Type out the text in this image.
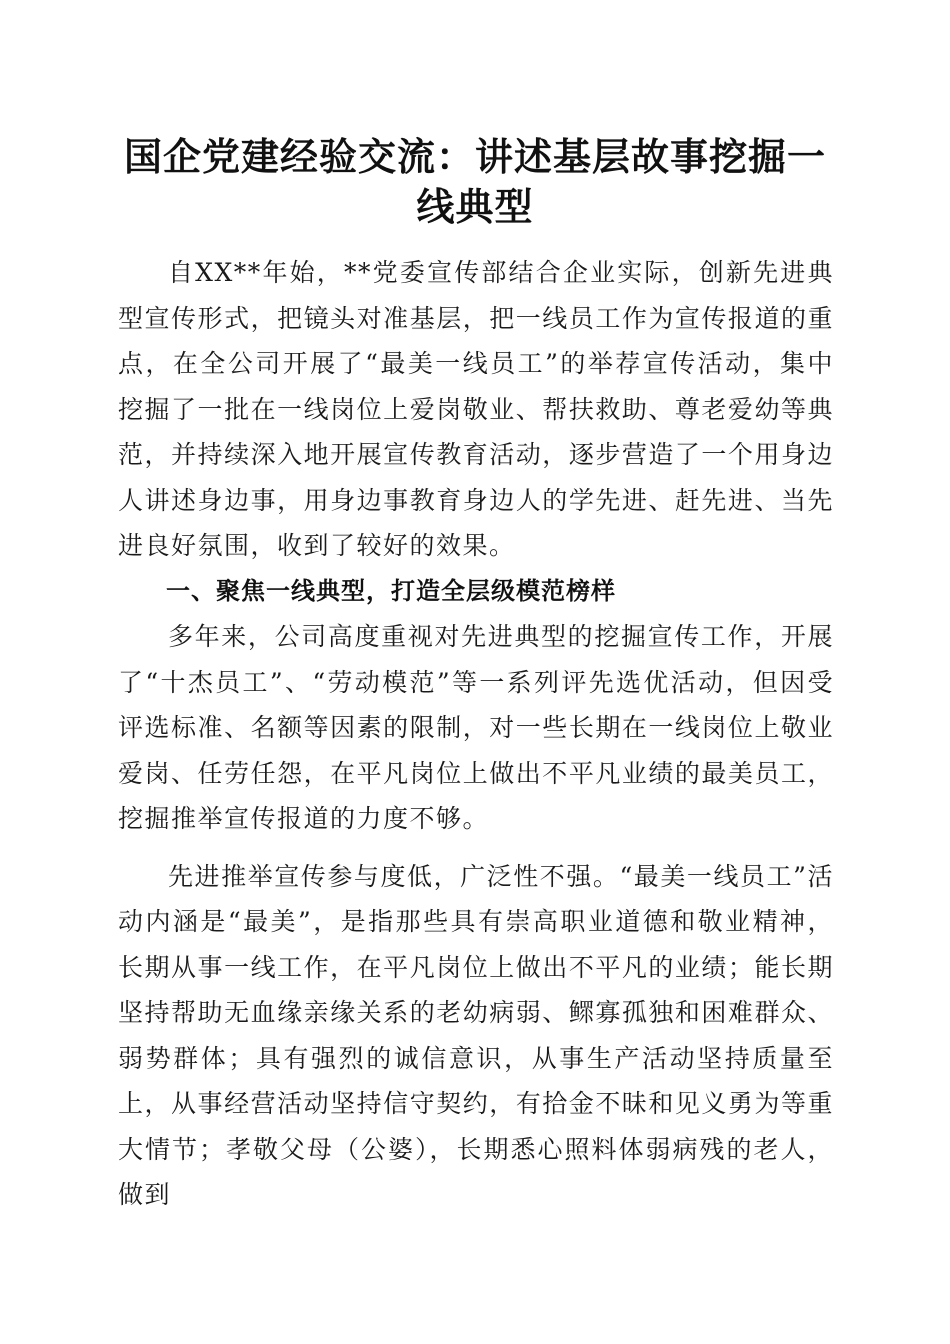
国企党建经验交流：讲述基层故事挖掘一线典型

自XX**年始，**党委宣传部结合企业实际，创新先进典型宣传形式，把镜头对准基层，把一线员工作为宣传报道的重点，在全公司开展了“最美一线员工”的举荐宣传活动，集中挖掘了一批在一线岗位上爱岗敬业、帮扶救助、尊老爱幼等典范，并持续深入地开展宣传教育活动，逐步营造了一个用身边人讲述身边事，用身边事教育身边人的学先进、赶先进、当先进良好氛围，收到了较好的效果。

一、聚焦一线典型，打造全层级模范榜样

多年来，公司高度重视对先进典型的挖掘宣传工作，开展了“十杰员工”、“劳动模范”等一系列评先选优活动，但因受评选标准、名额等因素的限制，对一些长期在一线岗位上敬业爱岗、任劳任怨，在平凡岗位上做出不平凡业绩的最美员工，挖掘推举宣传报道的力度不够。

先进推举宣传参与度低，广泛性不强。“最美一线员工”活动内涵是“最美”，是指那些具有崇高职业道德和敬业精神，长期从事一线工作，在平凡岗位上做出不平凡的业绩；能长期坚持帮助无血缘亲缘关系的老幼病弱、鳏寡孤独和困难群众、弱势群体；具有强烈的诚信意识，从事生产活动坚持质量至上，从事经营活动坚持信守契约，有拾金不昧和见义勇为等重大情节；孝敬父母（公婆），长期悉心照料体弱病残的老人，做到
